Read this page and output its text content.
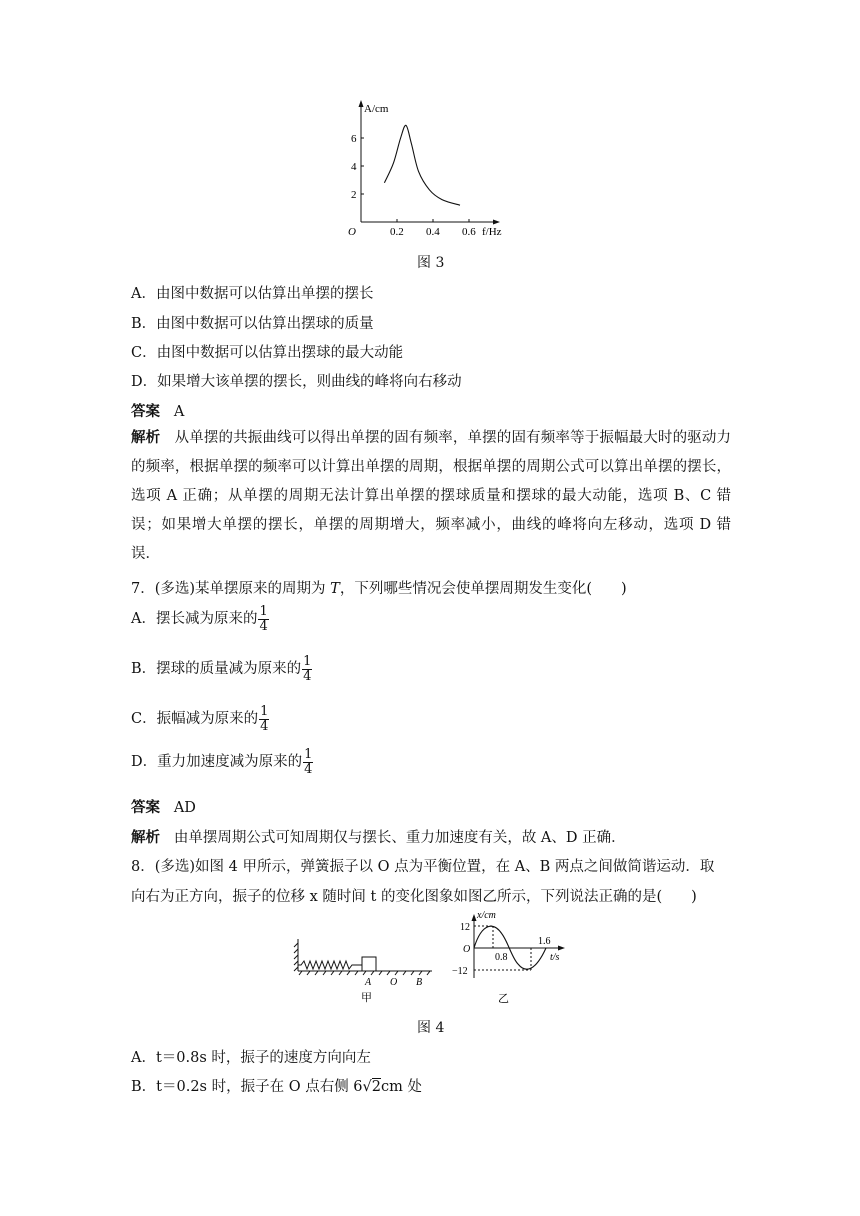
A/cm
O
6
4
2
0.2 0.4 0.6 f/Hz
图 3
A．由图中数据可以估算出单摆的摆长
B．由图中数据可以估算出摆球的质量
C．由图中数据可以估算出摆球的最大动能
D．如果增大该单摆的摆长，则曲线的峰将向右移动
答案 A
解析 从单摆的共振曲线可以得出单摆的固有频率，单摆的固有频率等于振幅最大时的驱动力的频率，根据单摆的频率可以计算出单摆的周期，根据单摆的周期公式可以算出单摆的摆长，选项 A 正确；从单摆的周期无法计算出单摆的摆球质量和摆球的最大动能，选项 B、C 错误；如果增大单摆的摆长，单摆的周期增大，频率减小，曲线的峰将向左移动，选项 D 错误．
7．(多选)某单摆原来的周期为 T，下列哪些情况会使单摆周期发生变化(　　)
A．摆长减为原来的 $\frac{1}{4}$
B．摆球的质量减为原来的 $\frac{1}{4}$
C．振幅减为原来的 $\frac{1}{4}$
D．重力加速度减为原来的 $\frac{1}{4}$
答案 AD
解析 由单摆周期公式可知周期仅与摆长、重力加速度有关，故 A、D 正确．
8．(多选)如图 4 甲所示，弹簧振子以 O 点为平衡位置，在 A、B 两点之间做简谐运动．取
向右为正方向，振子的位移 x 随时间 t 的变化图象如图乙所示，下列说法正确的是(　　)
A O B
甲
x/cm
12
O
−12
0.8
1.6
t/s
乙
图 4
A．t＝0.8s 时，振子的速度方向向左
B．t＝0.2s 时，振子在 O 点右侧 6√2cm 处
